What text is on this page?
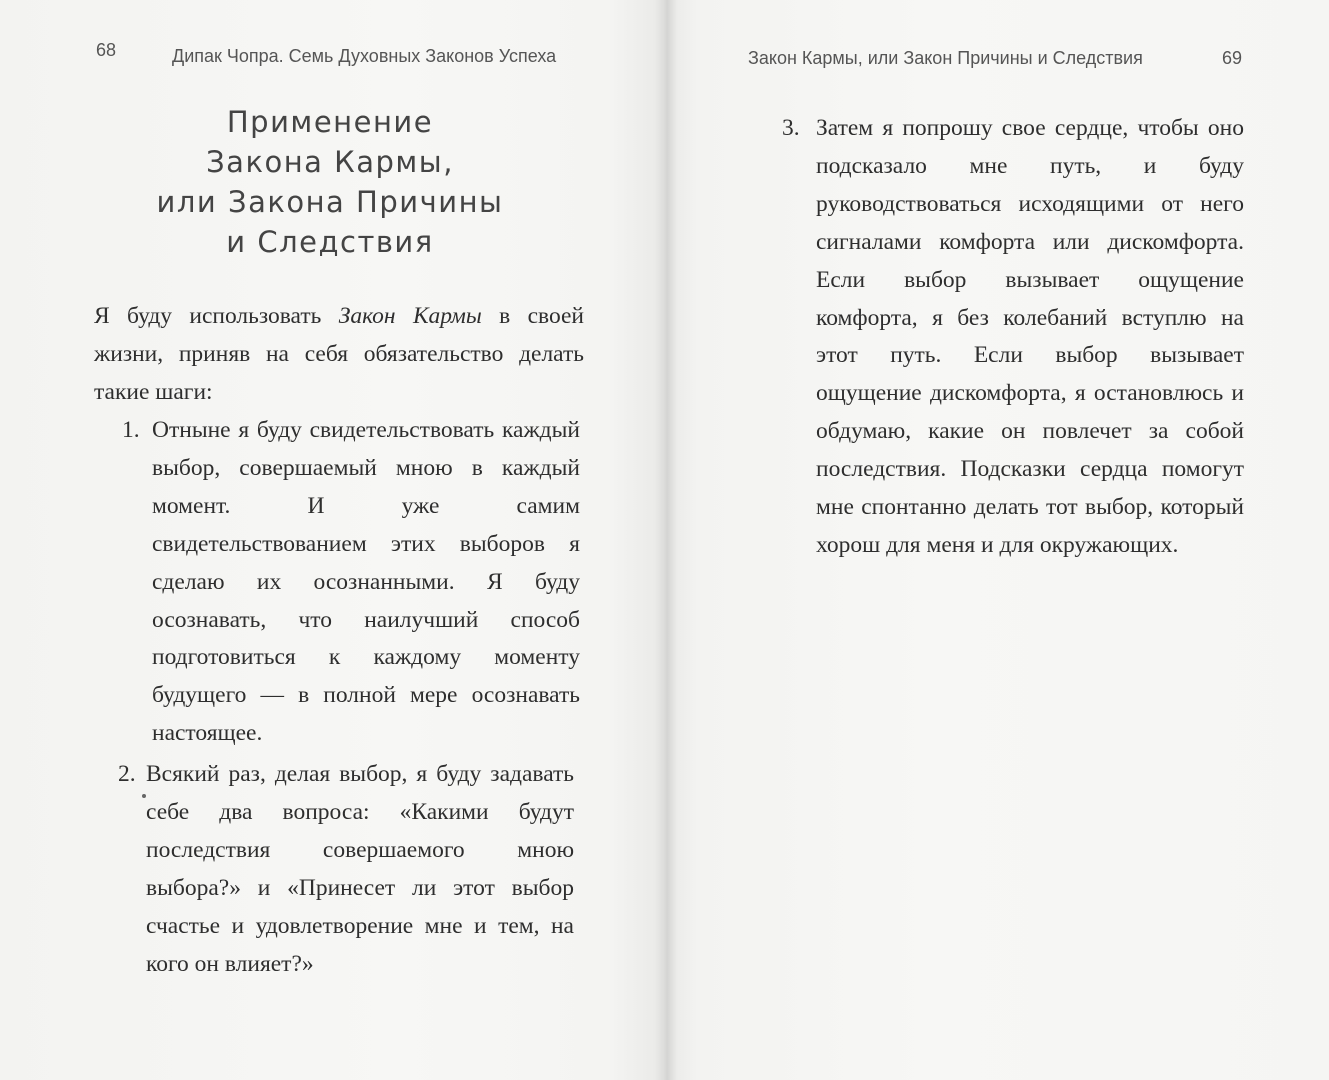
68	Дипак Чопра. Семь Духовных Законов Успеха
Применение
Закона Кармы,
или Закона Причины
и Следствия

Я буду использовать Закон Кармы в своей жизни, приняв на себя обязательство делать такие шаги:

1. Отныне я буду свидетельствовать каждый выбор, совершаемый мною в каждый момент. И уже самим свидетельствованием этих выборов я сделаю их осознанными. Я буду осознавать, что наилучший способ подготовиться к каждому моменту будущего — в полной мере осознавать настоящее.
2. Всякий раз, делая выбор, я буду задавать себе два вопроса: «Какими будут последствия совершаемого мною выбора?» и «Принесет ли этот выбор счастье и удовлетворение мне и тем, на кого он влияет?»
Закон Кармы, или Закон Причины и Следствия	69
3. Затем я попрошу свое сердце, чтобы оно подсказало мне путь, и буду руководствоваться исходящими от него сигналами комфорта или дискомфорта. Если выбор вызывает ощущение комфорта, я без колебаний вступлю на этот путь. Если выбор вызывает ощущение дискомфорта, я остановлюсь и обдумаю, какие он повлечет за собой последствия. Подсказки сердца помогут мне спонтанно делать тот выбор, который хорош для меня и для окружающих.
